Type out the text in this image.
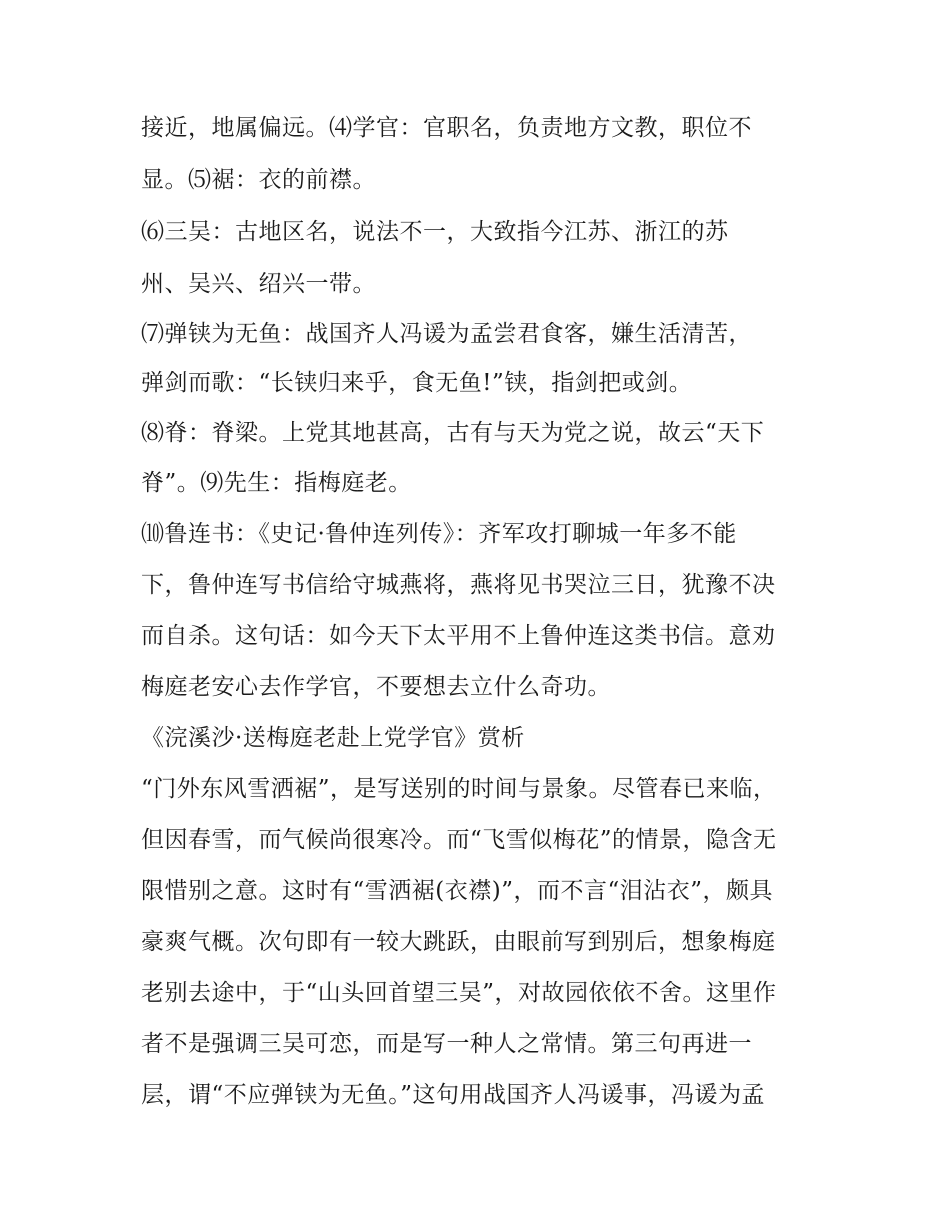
接近，地属偏远。⑷学官：官职名，负责地方文教，职位不
显。⑸裾：衣的前襟。
⑹三吴：古地区名，说法不一，大致指今江苏、浙江的苏
州、吴兴、绍兴一带。
⑺弹铗为无鱼：战国齐人冯谖为孟尝君食客，嫌生活清苦，
弹剑而歌：“长铗归来乎，食无鱼!”铗，指剑把或剑。
⑻脊：脊梁。上党其地甚高，古有与天为党之说，故云“天下
脊”。⑼先生：指梅庭老。
⑽鲁连书：《史记·鲁仲连列传》：齐军攻打聊城一年多不能
下，鲁仲连写书信给守城燕将，燕将见书哭泣三日，犹豫不决
而自杀。这句话：如今天下太平用不上鲁仲连这类书信。意劝
梅庭老安心去作学官，不要想去立什么奇功。
《浣溪沙·送梅庭老赴上党学官》赏析
“门外东风雪洒裾”，是写送别的时间与景象。尽管春已来临，
但因春雪，而气候尚很寒冷。而“飞雪似梅花”的情景，隐含无
限惜别之意。这时有“雪洒裾(衣襟)”，而不言“泪沾衣”，颇具
豪爽气概。次句即有一较大跳跃，由眼前写到别后，想象梅庭
老别去途中，于“山头回首望三吴”，对故园依依不舍。这里作
者不是强调三吴可恋，而是写一种人之常情。第三句再进一
层，谓“不应弹铗为无鱼。”这句用战国齐人冯谖事，冯谖为孟
